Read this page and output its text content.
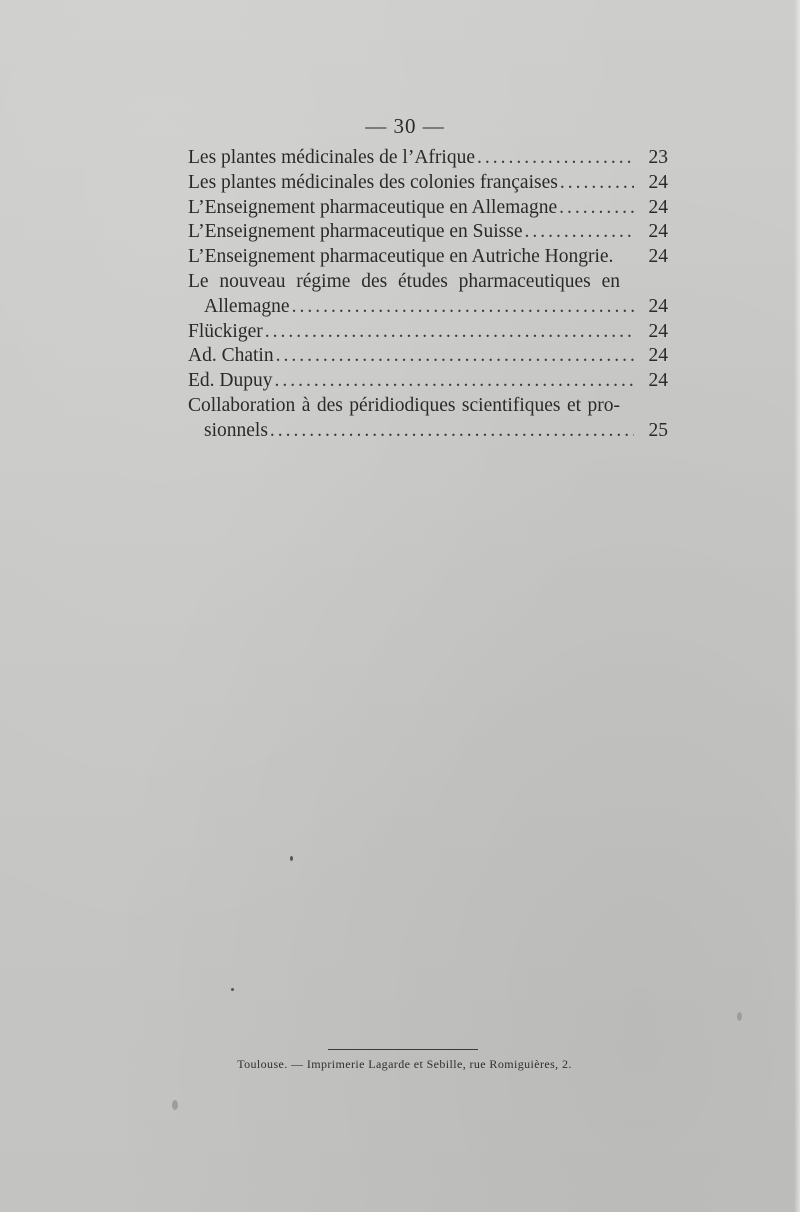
— 30 —
Les plantes médicinales de l’Afrique .....	23
Les plantes médicinales des colonies françaises .....	24
L’Enseignement pharmaceutique en Allemagne .....	24
L’Enseignement pharmaceutique en Suisse .....	24
L’Enseignement pharmaceutique en Autriche Hongrie.	24
Le nouveau régime des études pharmaceutiques en
Allemagne .....	24
Flückiger .....	24
Ad. Chatin .....	24
Ed. Dupuy .....	24
Collaboration à des péridiodiques scientifiques et pro-
sionnels .....	25
Toulouse. — Imprimerie Lagarde et Sebille, rue Romiguières, 2.
